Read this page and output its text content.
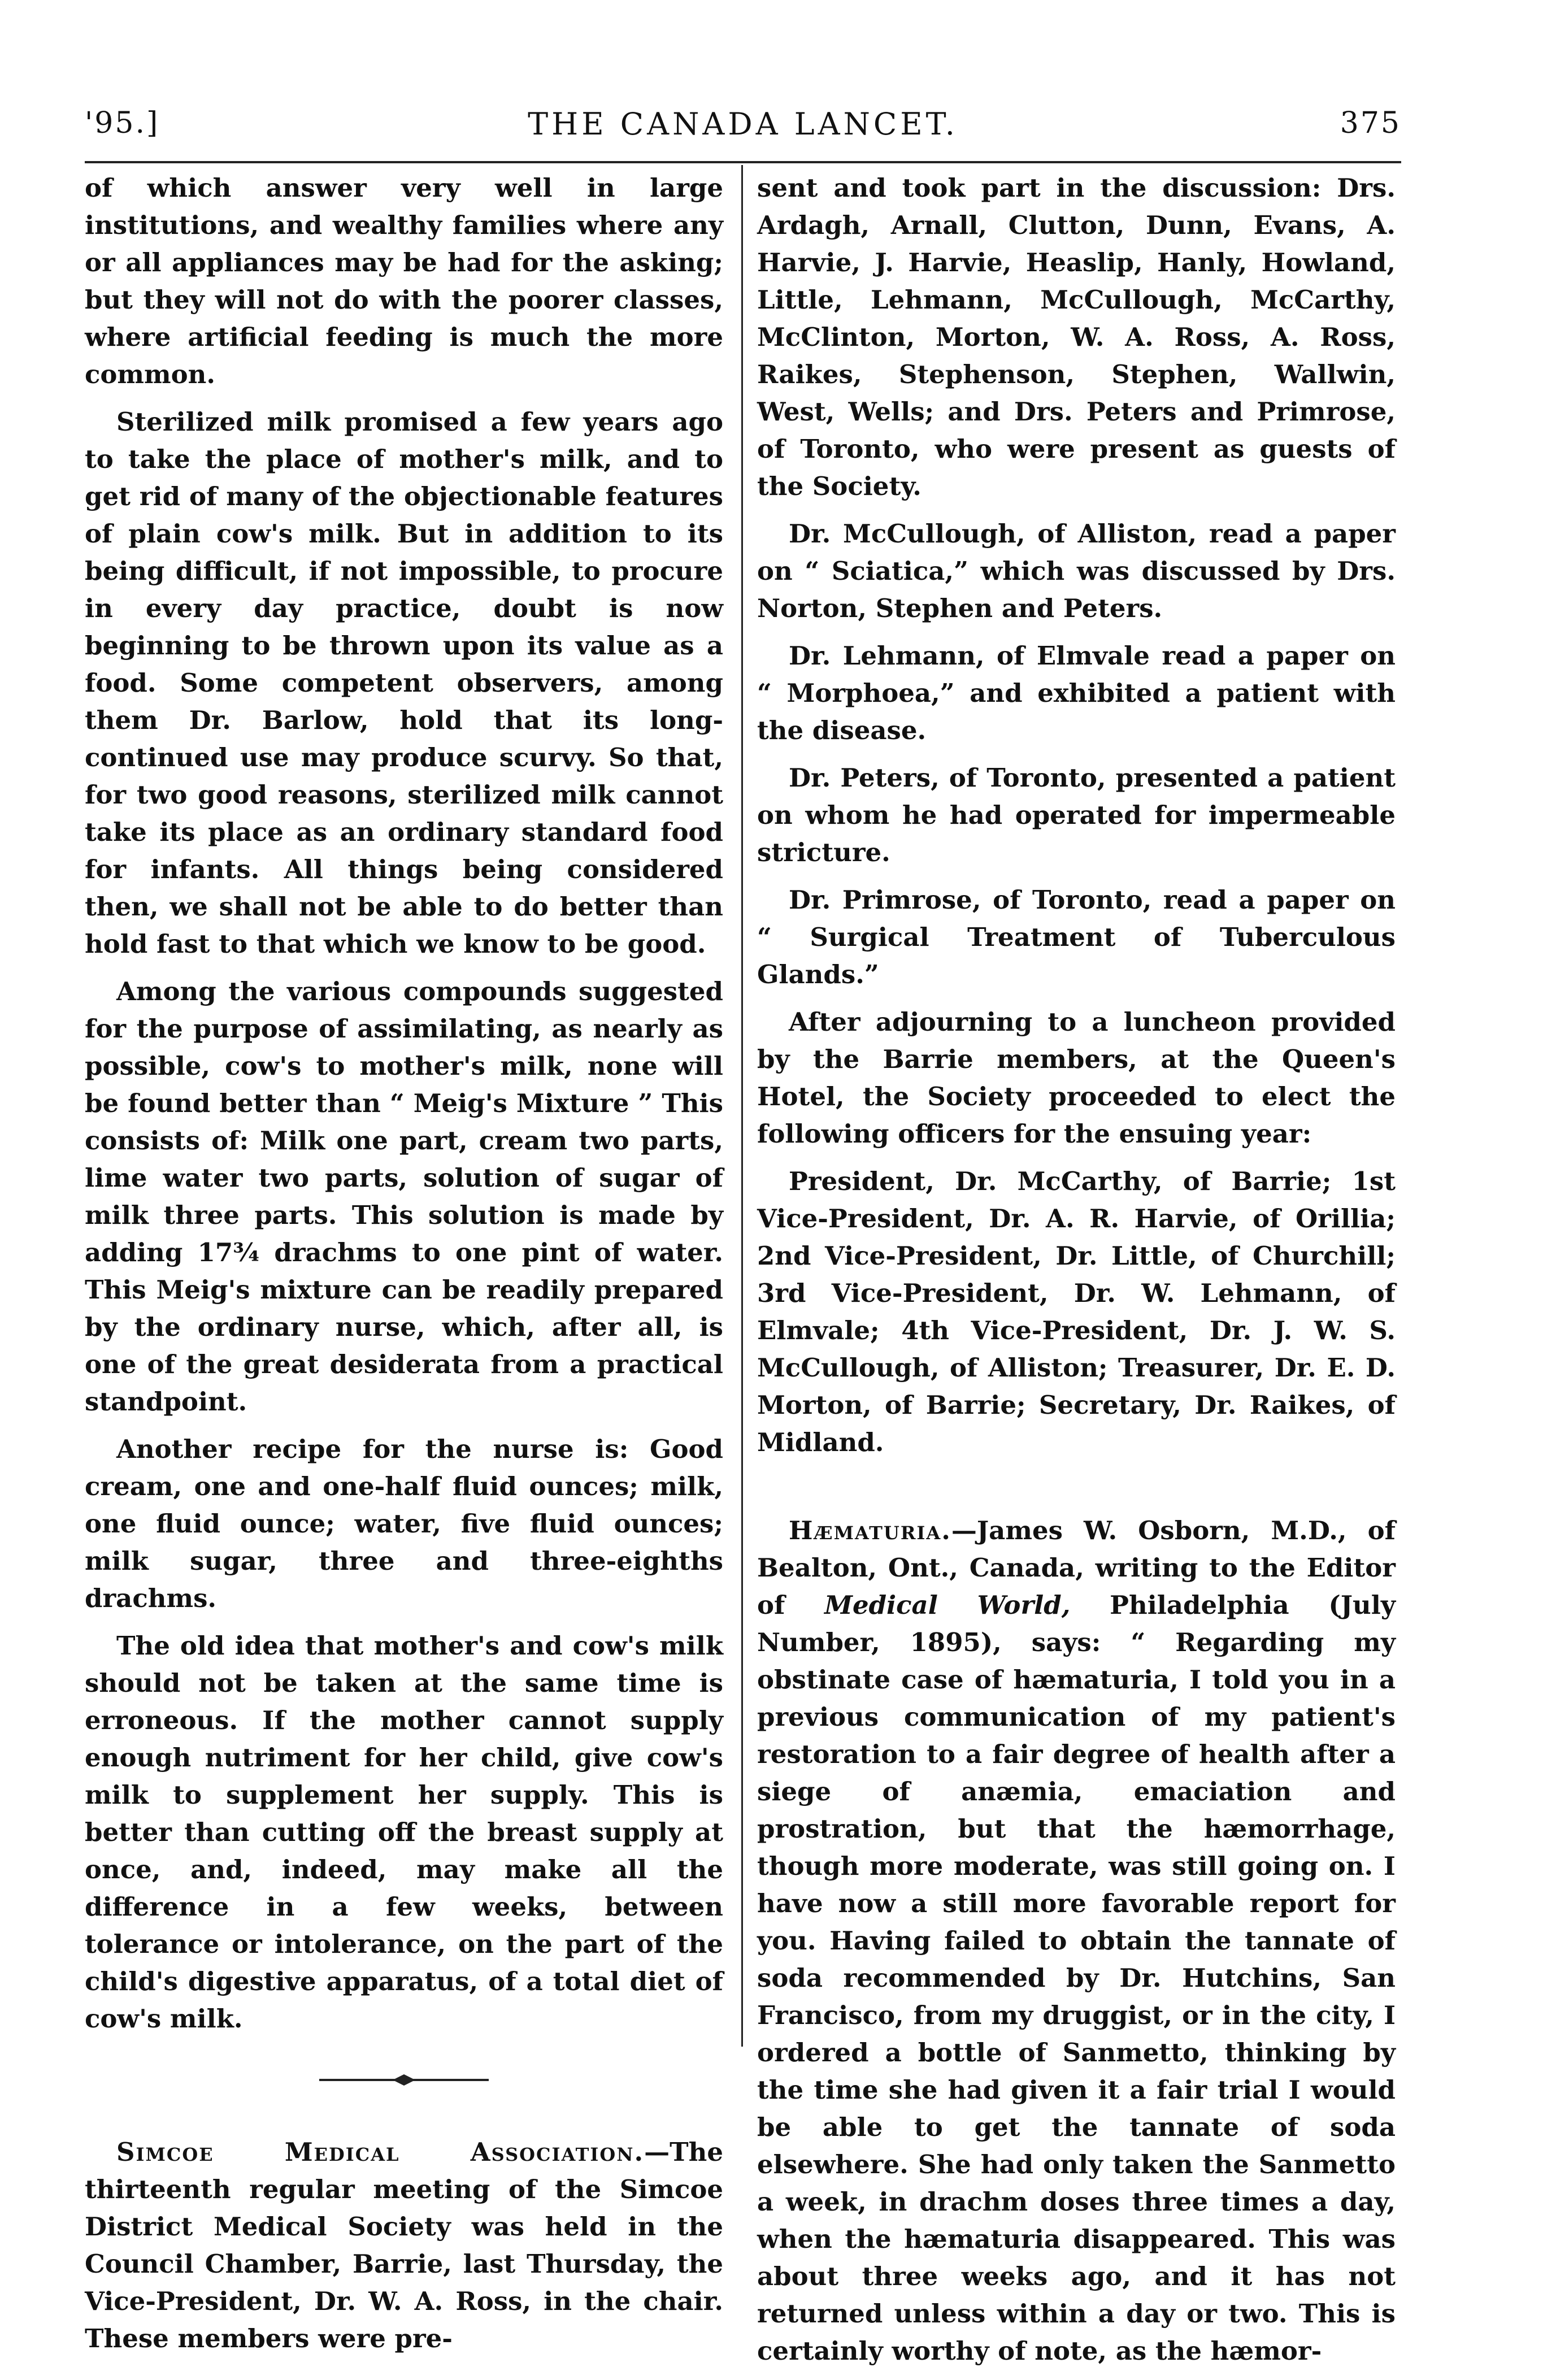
'95.]	THE CANADA LANCET.	375

of which answer very well in large institutions, and wealthy families where any or all appliances may be had for the asking; but they will not do with the poorer classes, where artificial feeding is much the more common.

Sterilized milk promised a few years ago to take the place of mother's milk, and to get rid of many of the objectionable features of plain cow's milk. But in addition to its being difficult, if not impossible, to procure in every day practice, doubt is now beginning to be thrown upon its value as a food. Some competent observers, among them Dr. Barlow, hold that its long-continued use may produce scurvy. So that, for two good reasons, sterilized milk cannot take its place as an ordinary standard food for infants. All things being considered then, we shall not be able to do better than hold fast to that which we know to be good.

Among the various compounds suggested for the purpose of assimilating, as nearly as possible, cow's to mother's milk, none will be found better than “ Meig's Mixture ” This consists of: Milk one part, cream two parts, lime water two parts, solution of sugar of milk three parts. This solution is made by adding 17¾ drachms to one pint of water. This Meig's mixture can be readily prepared by the ordinary nurse, which, after all, is one of the great desiderata from a practical standpoint.

Another recipe for the nurse is: Good cream, one and one-half fluid ounces; milk, one fluid ounce; water, five fluid ounces; milk sugar, three and three-eighths drachms.

The old idea that mother's and cow's milk should not be taken at the same time is erroneous. If the mother cannot supply enough nutriment for her child, give cow's milk to supplement her supply. This is better than cutting off the breast supply at once, and, indeed, may make all the difference in a few weeks, between tolerance or intolerance, on the part of the child's digestive apparatus, of a total diet of cow's milk.

Simcoe Medical Association.—The thirteenth regular meeting of the Simcoe District Medical Society was held in the Council Chamber, Barrie, last Thursday, the Vice-President, Dr. W. A. Ross, in the chair. These members were pre-

sent and took part in the discussion: Drs. Ardagh, Arnall, Clutton, Dunn, Evans, A. Harvie, J. Harvie, Heaslip, Hanly, Howland, Little, Lehmann, McCullough, McCarthy, McClinton, Morton, W. A. Ross, A. Ross, Raikes, Stephenson, Stephen, Wallwin, West, Wells; and Drs. Peters and Primrose, of Toronto, who were present as guests of the Society.

Dr. McCullough, of Alliston, read a paper on “ Sciatica,” which was discussed by Drs. Norton, Stephen and Peters.

Dr. Lehmann, of Elmvale read a paper on “ Morphoea,” and exhibited a patient with the disease.

Dr. Peters, of Toronto, presented a patient on whom he had operated for impermeable stricture.

Dr. Primrose, of Toronto, read a paper on “ Surgical Treatment of Tuberculous Glands.”

After adjourning to a luncheon provided by the Barrie members, at the Queen's Hotel, the Society proceeded to elect the following officers for the ensuing year:

President, Dr. McCarthy, of Barrie; 1st Vice-President, Dr. A. R. Harvie, of Orillia; 2nd Vice-President, Dr. Little, of Churchill; 3rd Vice-President, Dr. W. Lehmann, of Elmvale; 4th Vice-President, Dr. J. W. S. McCullough, of Alliston; Treasurer, Dr. E. D. Morton, of Barrie; Secretary, Dr. Raikes, of Midland.

Hæmaturia.—James W. Osborn, M.D., of Bealton, Ont., Canada, writing to the Editor of Medical World, Philadelphia (July Number, 1895), says: “ Regarding my obstinate case of hæmaturia, I told you in a previous communication of my patient's restoration to a fair degree of health after a siege of anæmia, emaciation and prostration, but that the hæmorrhage, though more moderate, was still going on. I have now a still more favorable report for you. Having failed to obtain the tannate of soda recommended by Dr. Hutchins, San Francisco, from my druggist, or in the city, I ordered a bottle of Sanmetto, thinking by the time she had given it a fair trial I would be able to get the tannate of soda elsewhere. She had only taken the Sanmetto a week, in drachm doses three times a day, when the hæmaturia disappeared. This was about three weeks ago, and it has not returned unless within a day or two. This is certainly worthy of note, as the hæmor-
